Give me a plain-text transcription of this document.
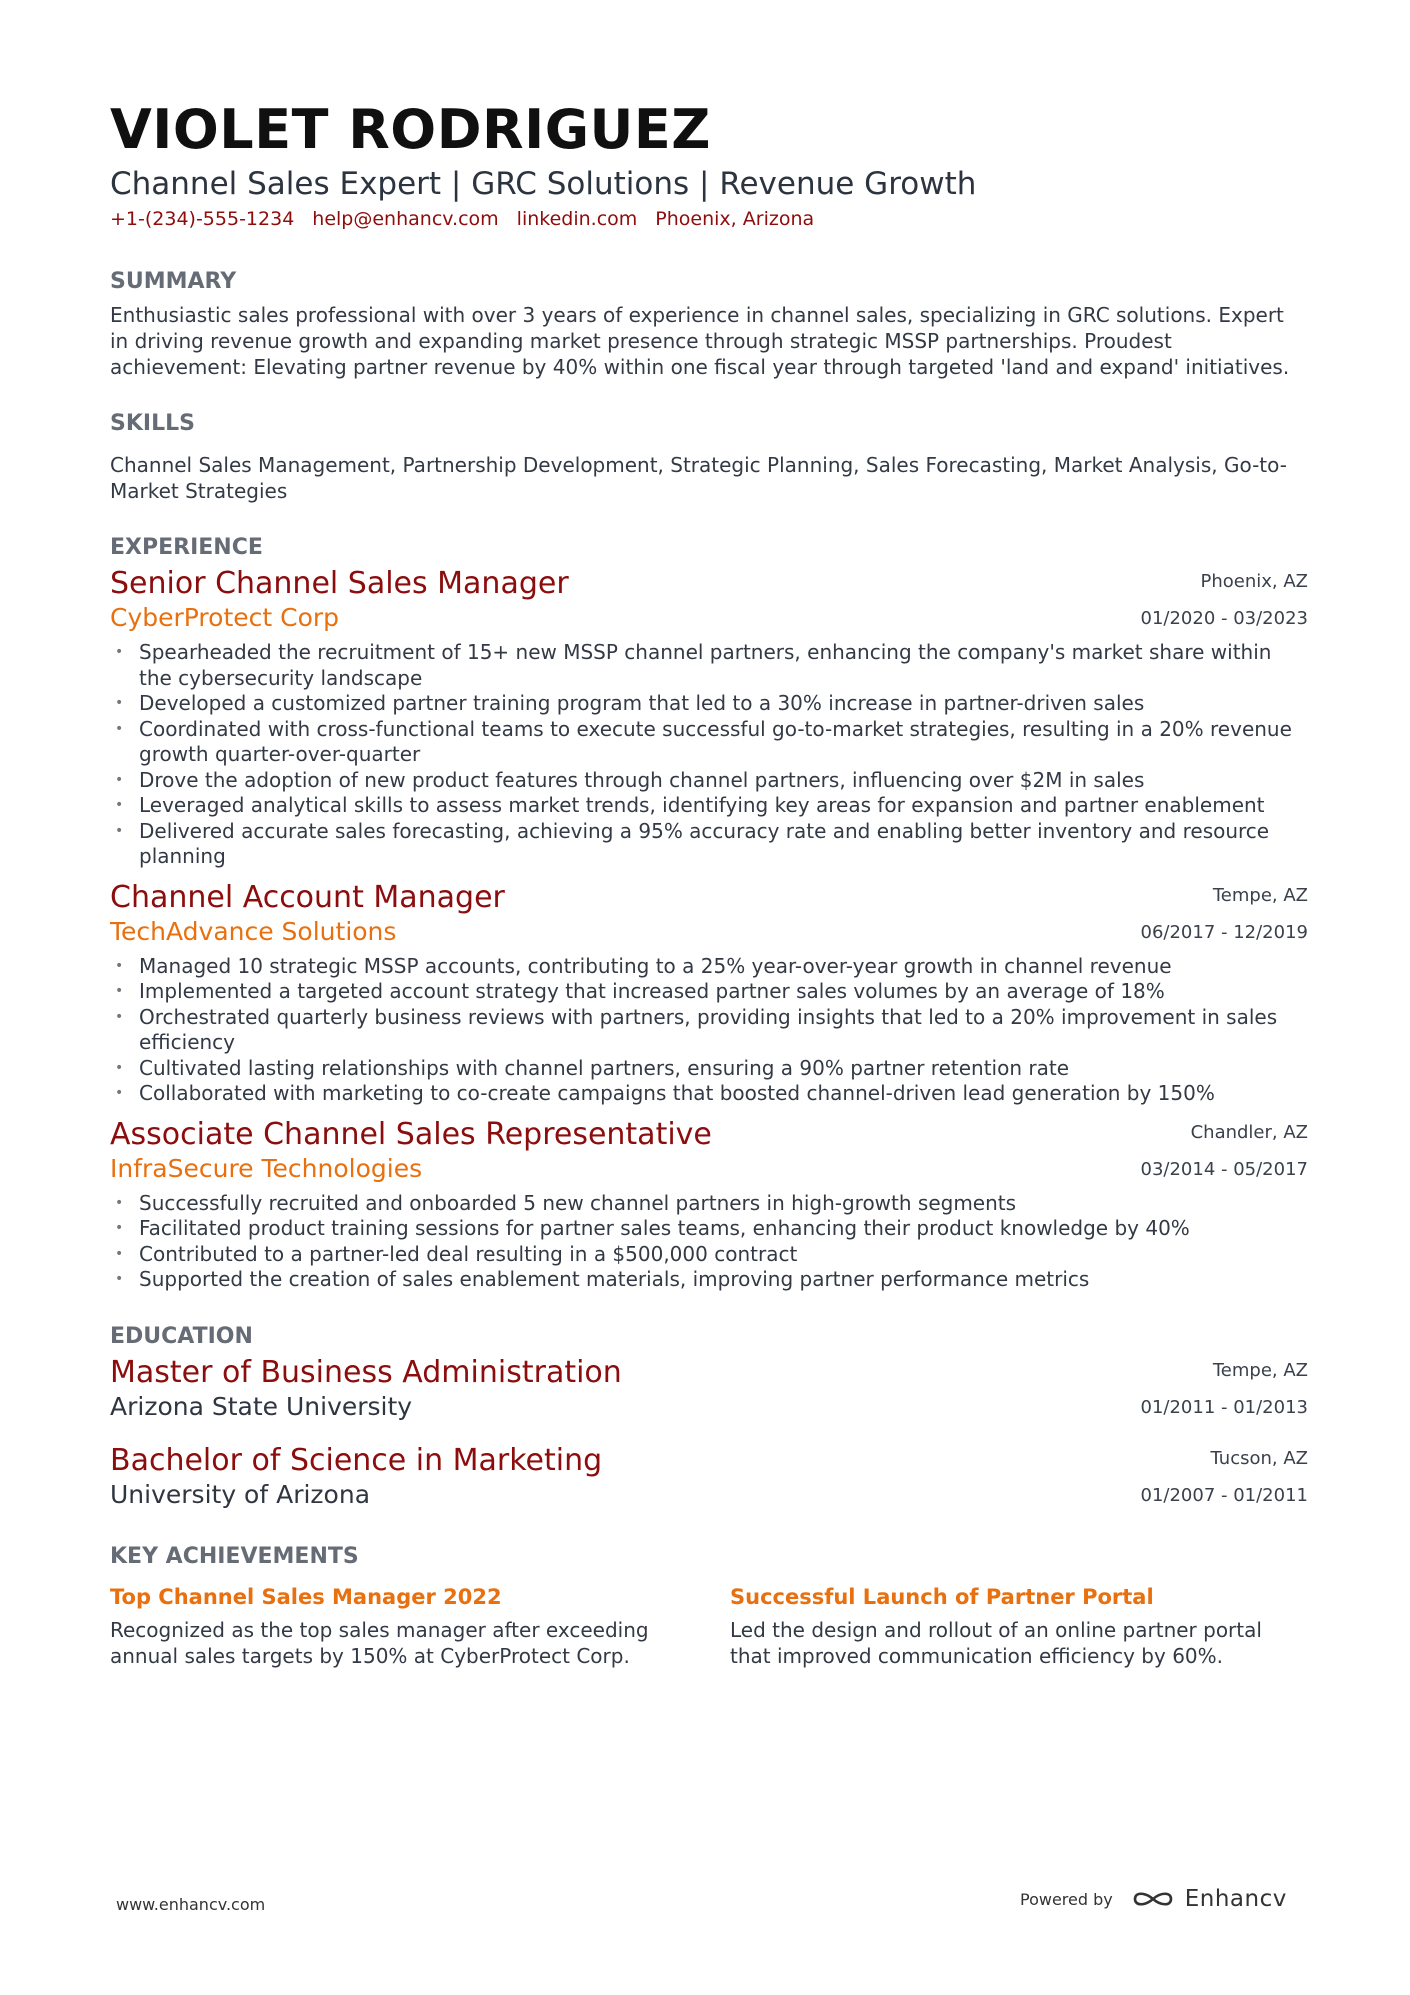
VIOLET RODRIGUEZ
Channel Sales Expert | GRC Solutions | Revenue Growth
+1-(234)-555-1234 help@enhancv.com linkedin.com Phoenix, Arizona
SUMMARY
Enthusiastic sales professional with over 3 years of experience in channel sales, specializing in GRC solutions. Expert in driving revenue growth and expanding market presence through strategic MSSP partnerships. Proudest achievement: Elevating partner revenue by 40% within one fiscal year through targeted 'land and expand' initiatives.
SKILLS
Channel Sales Management, Partnership Development, Strategic Planning, Sales Forecasting, Market Analysis, Go-to-Market Strategies
EXPERIENCE
Senior Channel Sales Manager
CyberProtect Corp
Phoenix, AZ
01/2020 - 03/2023
• Spearheaded the recruitment of 15+ new MSSP channel partners, enhancing the company's market share within the cybersecurity landscape
• Developed a customized partner training program that led to a 30% increase in partner-driven sales
• Coordinated with cross-functional teams to execute successful go-to-market strategies, resulting in a 20% revenue growth quarter-over-quarter
• Drove the adoption of new product features through channel partners, influencing over $2M in sales
• Leveraged analytical skills to assess market trends, identifying key areas for expansion and partner enablement
• Delivered accurate sales forecasting, achieving a 95% accuracy rate and enabling better inventory and resource planning
Channel Account Manager
TechAdvance Solutions
Tempe, AZ
06/2017 - 12/2019
• Managed 10 strategic MSSP accounts, contributing to a 25% year-over-year growth in channel revenue
• Implemented a targeted account strategy that increased partner sales volumes by an average of 18%
• Orchestrated quarterly business reviews with partners, providing insights that led to a 20% improvement in sales efficiency
• Cultivated lasting relationships with channel partners, ensuring a 90% partner retention rate
• Collaborated with marketing to co-create campaigns that boosted channel-driven lead generation by 150%
Associate Channel Sales Representative
InfraSecure Technologies
Chandler, AZ
03/2014 - 05/2017
• Successfully recruited and onboarded 5 new channel partners in high-growth segments
• Facilitated product training sessions for partner sales teams, enhancing their product knowledge by 40%
• Contributed to a partner-led deal resulting in a $500,000 contract
• Supported the creation of sales enablement materials, improving partner performance metrics
EDUCATION
Master of Business Administration
Arizona State University
Tempe, AZ
01/2011 - 01/2013
Bachelor of Science in Marketing
University of Arizona
Tucson, AZ
01/2007 - 01/2011
KEY ACHIEVEMENTS
Top Channel Sales Manager 2022
Recognized as the top sales manager after exceeding annual sales targets by 150% at CyberProtect Corp.
Successful Launch of Partner Portal
Led the design and rollout of an online partner portal that improved communication efficiency by 60%.
www.enhancv.com	Powered by	Enhancv
